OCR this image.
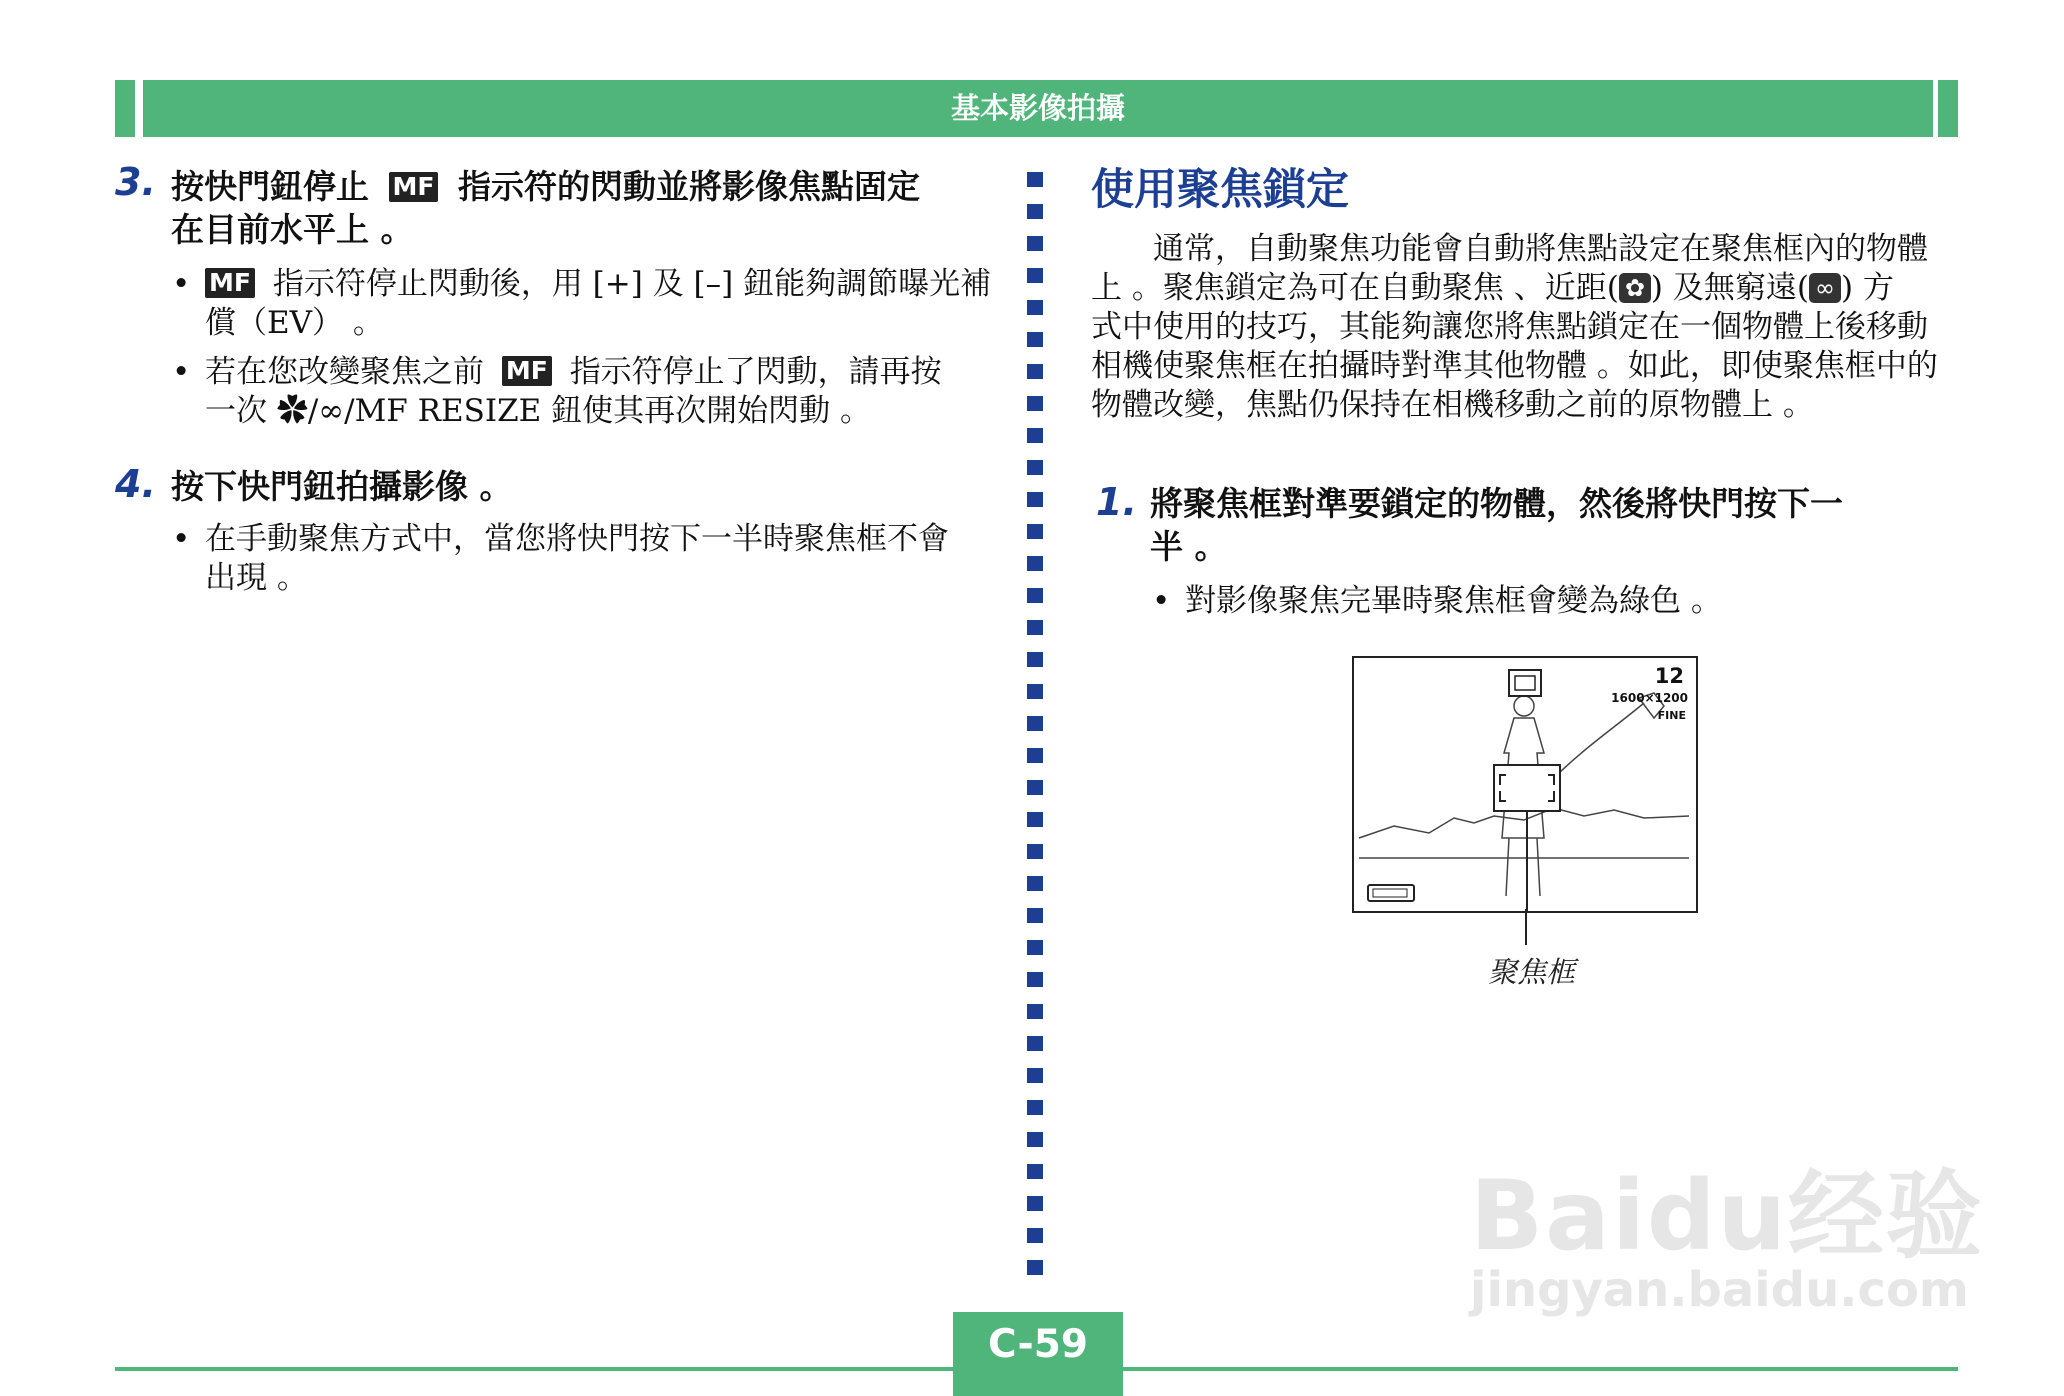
基本影像拍攝
3. 按快門鈕停止 MF 指示符的閃動並將影像焦點固定
在目前水平上 。
• MF 指示符停止閃動後，用 [+] 及 [–] 鈕能夠調節曝光補
償（EV） 。
• 若在您改變聚焦之前 MF 指示符停止了閃動，請再按
一次 ✿/∞/MF RESIZE 鈕使其再次開始閃動 。
4. 按下快門鈕拍攝影像 。
• 在手動聚焦方式中，當您將快門按下一半時聚焦框不會
出現 。
使用聚焦鎖定
通常，自動聚焦功能會自動將焦點設定在聚焦框內的物體
上 。聚焦鎖定為可在自動聚焦 、近距( ✿ ) 及無窮遠( ∞ ) 方
式中使用的技巧，其能夠讓您將焦點鎖定在一個物體上後移動
相機使聚焦框在拍攝時對準其他物體 。如此，即使聚焦框中的
物體改變，焦點仍保持在相機移動之前的原物體上 。
1. 將聚焦框對準要鎖定的物體，然後將快門按下一
半 。
• 對影像聚焦完畢時聚焦框會變為綠色 。
12
1600×1200
FINE
聚焦框
Baidu经验
jingyan.baidu.com
C-59
